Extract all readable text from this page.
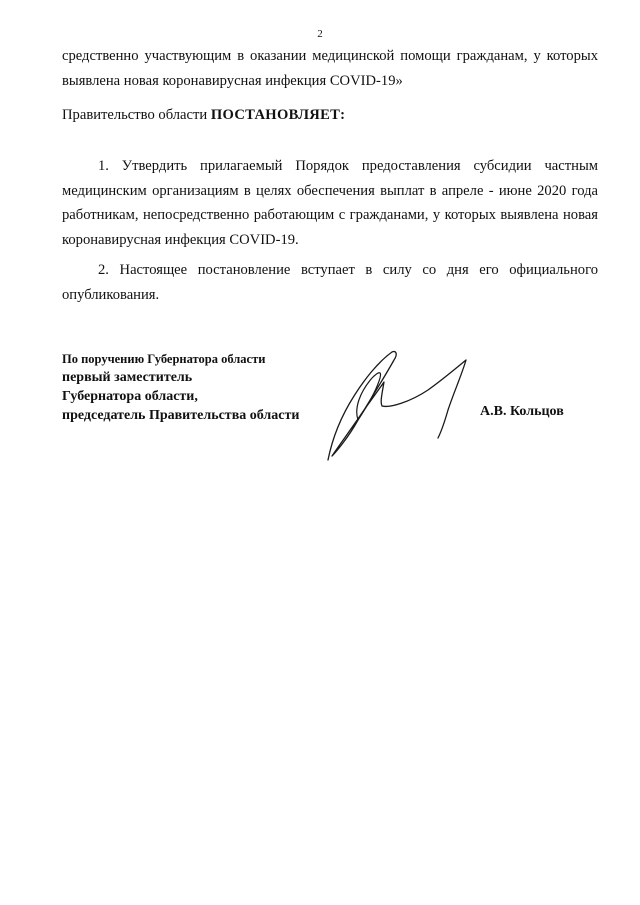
2
средственно участвующим в оказании медицинской помощи гражданам, у которых выявлена новая коронавирусная инфекция COVID-19»
Правительство области ПОСТАНОВЛЯЕТ:
1. Утвердить прилагаемый Порядок предоставления субсидии частным медицинским организациям в целях обеспечения выплат в апреле - июне 2020 года работникам, непосредственно работающим с гражданами, у которых выявлена новая коронавирусная инфекция COVID-19.
2. Настоящее постановление вступает в силу со дня его официального опубликования.
По поручению Губернатора области
первый заместитель
Губернатора области,
председатель Правительства области	А.В. Кольцов
